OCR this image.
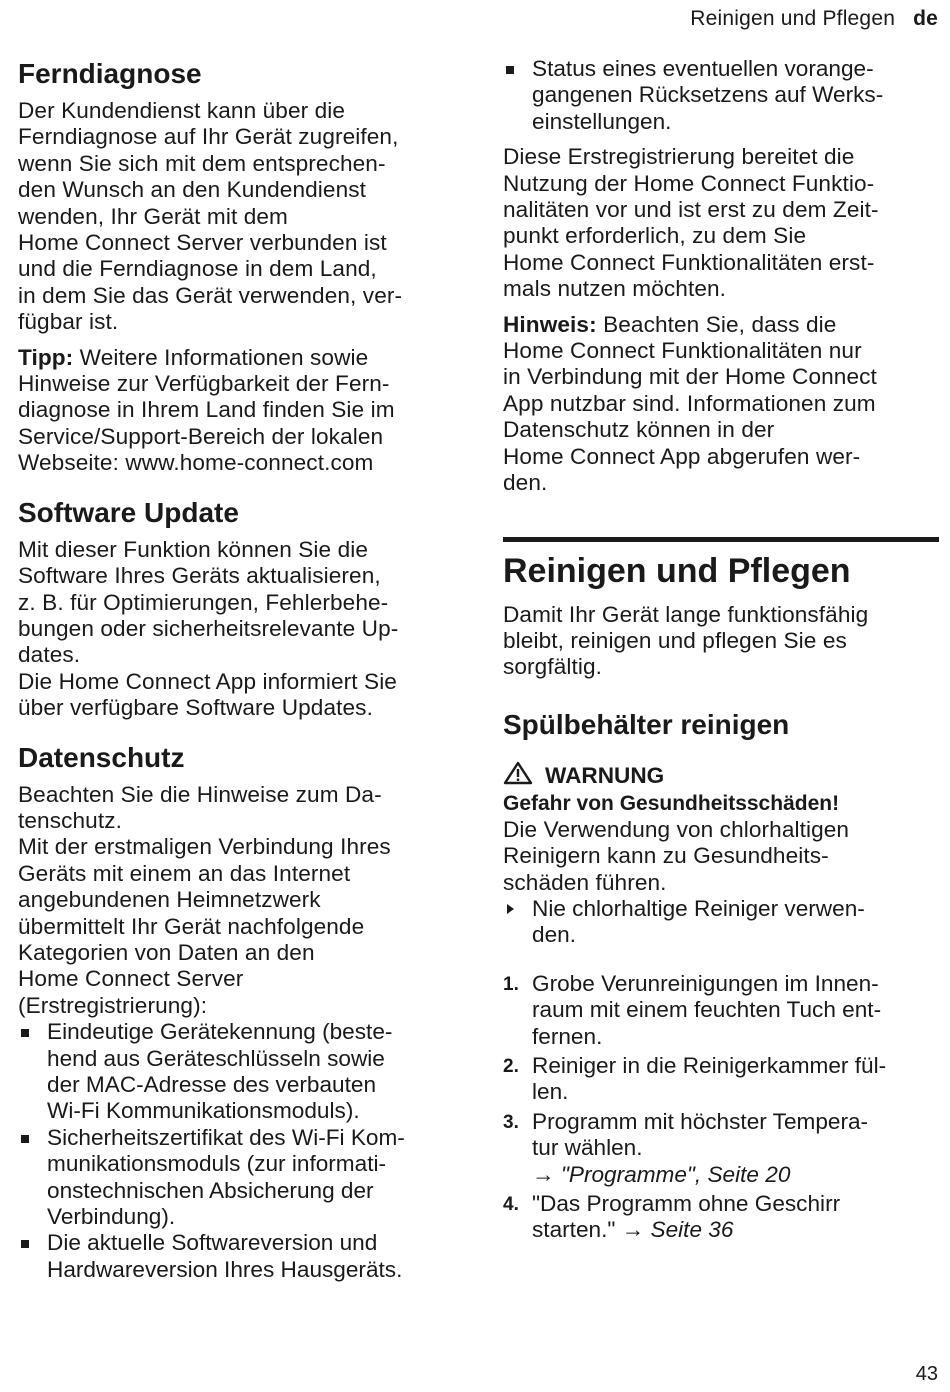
Reinigen und Pflegen de
Ferndiagnose

Der Kundendienst kann über die

Ferndiagnose auf Ihr Gerät zugreifen,

wenn Sie sich mit dem entsprechen-

den Wunsch an den Kundendienst

wenden, Ihr Gerät mit dem

Home Connect Server verbunden ist

und die Ferndiagnose in dem Land,

in dem Sie das Gerät verwenden, ver-

fügbar ist.

Tipp: Weitere Informationen sowie

Hinweise zur Verfügbarkeit der Fern-

diagnose in Ihrem Land finden Sie im

Service/Support-Bereich der lokalen

Webseite: www.home-connect.com

Software Update

Mit dieser Funktion können Sie die

Software Ihres Geräts aktualisieren,

z. B. für Optimierungen, Fehlerbehe-

bungen oder sicherheitsrelevante Up-

dates.

Die Home Connect App informiert Sie

über verfügbare Software Updates.

Datenschutz

Beachten Sie die Hinweise zum Da-

tenschutz.

Mit der erstmaligen Verbindung Ihres

Geräts mit einem an das Internet

angebundenen Heimnetzwerk

übermittelt Ihr Gerät nachfolgende

Kategorien von Daten an den

Home Connect Server

(Erstregistrierung):

Eindeutige Gerätekennung (beste-
hend aus Geräteschlüsseln sowie
der MAC-Adresse des verbauten
Wi-Fi Kommunikationsmoduls).
Sicherheitszertifikat des Wi-Fi Kom-
munikationsmoduls (zur informati-
onstechnischen Absicherung der
Verbindung).
Die aktuelle Softwareversion und
Hardwareversion Ihres Hausgeräts.
Status eines eventuellen vorange-
gangenen Rücksetzens auf Werks-
einstellungen.

Diese Erstregistrierung bereitet die

Nutzung der Home Connect Funktio-

nalitäten vor und ist erst zu dem Zeit-

punkt erforderlich, zu dem Sie

Home Connect Funktionalitäten erst-

mals nutzen möchten.

Hinweis: Beachten Sie, dass die

Home Connect Funktionalitäten nur

in Verbindung mit der Home Connect

App nutzbar sind. Informationen zum

Datenschutz können in der

Home Connect App abgerufen wer-

den.

Reinigen und Pflegen

Damit Ihr Gerät lange funktionsfähig

bleibt, reinigen und pflegen Sie es

sorgfältig.

Spülbehälter reinigen
WARNUNG
Gefahr von Gesundheitsschäden!

Die Verwendung von chlorhaltigen

Reinigern kann zu Gesundheits-

schäden führen.

Nie chlorhaltige Reiniger verwen-
den.
1. Grobe Verunreinigungen im Innen-
raum mit einem feuchten Tuch ent-
fernen.
2. Reiniger in die Reinigerkammer fül-
len.
3. Programm mit höchster Tempera-
tur wählen.
→ "Programme", Seite 20
4. "Das Programm ohne Geschirr
starten." → Seite 36
43
